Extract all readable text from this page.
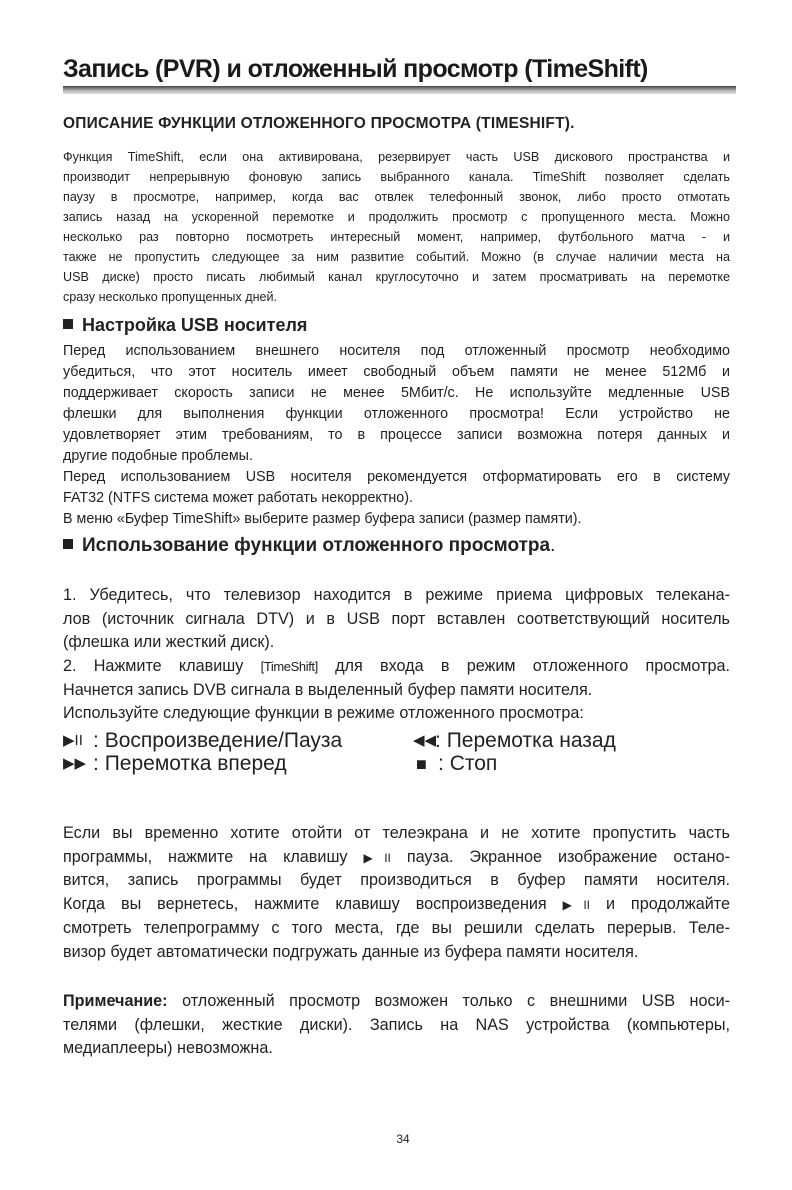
Запись (PVR) и отложенный просмотр (TimeShift)
ОПИСАНИЕ ФУНКЦИИ ОТЛОЖЕННОГО ПРОСМОТРА (TIMESHIFT).
Функция TimeShift, если она активирована, резервирует часть USB дискового пространства и
производит непрерывную фоновую запись выбранного канала. TimeShift позволяет сделать
паузу в просмотре, например, когда вас отвлек телефонный звонок, либо просто отмотать
запись назад на ускоренной перемотке и продолжить просмотр с пропущенного места. Можно
несколько раз повторно посмотреть интересный момент, например, футбольного матча - и
также не пропустить следующее за ним развитие событий. Можно (в случае наличии места на
USB диске) просто писать любимый канал круглосуточно и затем просматривать на перемотке
сразу несколько пропущенных дней.
Настройка USB носителя
Перед использованием внешнего носителя под отложенный просмотр необходимо
убедиться, что этот носитель имеет свободный объем памяти не менее 512Мб и
поддерживает скорость записи не менее 5Мбит/с. Не используйте медленные USB
флешки для выполнения функции отложенного просмотра! Если устройство не
удовлетворяет этим требованиям, то в процессе записи возможна потеря данных и
другие подобные проблемы.
Перед использованием USB носителя рекомендуется отформатировать его в систему
FAT32 (NTFS система может работать некорректно).
В меню «Буфер TimeShift» выберите размер буфера записи (размер памяти).
Использование функции отложенного просмотра.
1. Убедитесь, что телевизор находится в режиме приема цифровых телекана-
лов (источник сигнала DTV) и в USB порт вставлен соответствующий носитель
(флешка или жесткий диск).
2. Нажмите клавишу [TimeShift] для входа в режим отложенного просмотра.
Начнется запись DVB сигнала в выделенный буфер памяти носителя.
Используйте следующие функции в режиме отложенного просмотра:
▶II : Воспроизведение/Пауза	◀◀: Перемотка назад
▶▶ : Перемотка вперед	■ : Стоп
Если вы временно хотите отойти от телеэкрана и не хотите пропустить часть
программы, нажмите на клавишу ▶II пауза. Экранное изображение остано-
вится, запись программы будет производиться в буфер памяти носителя.
Когда вы вернетесь, нажмите клавишу воспроизведения ▶II и продолжайте
смотреть телепрограмму с того места, где вы решили сделать перерыв. Теле-
визор будет автоматически подгружать данные из буфера памяти носителя.
Примечание: отложенный просмотр возможен только с внешними USB носи-
телями (флешки, жесткие диски). Запись на NAS устройства (компьютеры,
медиаплееры) невозможна.
34
